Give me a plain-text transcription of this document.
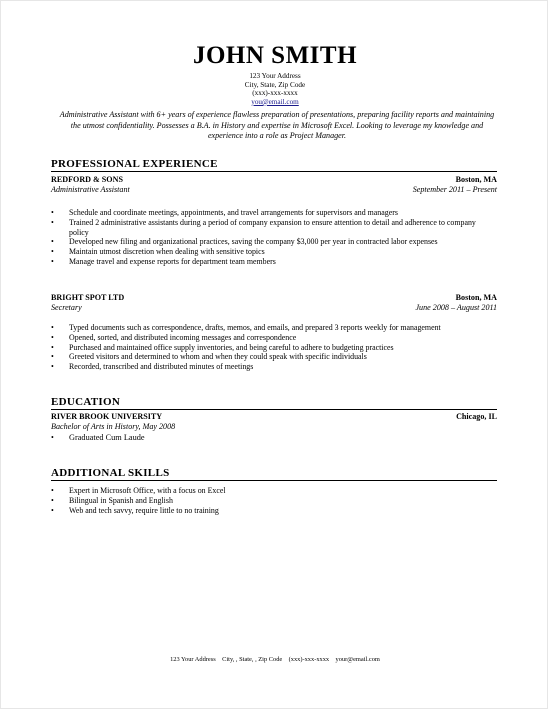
JOHN SMITH
123 Your Address
City, State, Zip Code
(xxx)-xxx-xxxx
you@email.com
Administrative Assistant with 6+ years of experience flawless preparation of presentations, preparing facility reports and maintaining the utmost confidentiality. Possesses a B.A. in History and expertise in Microsoft Excel. Looking to leverage my knowledge and experience into a role as Project Manager.
PROFESSIONAL EXPERIENCE
REDFORD & SONS	Boston, MA
Administrative Assistant	September 2011 – Present
• Schedule and coordinate meetings, appointments, and travel arrangements for supervisors and managers
• Trained 2 administrative assistants during a period of company expansion to ensure attention to detail and adherence to company policy
• Developed new filing and organizational practices, saving the company $3,000 per year in contracted labor expenses
• Maintain utmost discretion when dealing with sensitive topics
• Manage travel and expense reports for department team members
BRIGHT SPOT LTD	Boston, MA
Secretary	June 2008 – August 2011
• Typed documents such as correspondence, drafts, memos, and emails, and prepared 3 reports weekly for management
• Opened, sorted, and distributed incoming messages and correspondence
• Purchased and maintained office supply inventories, and being careful to adhere to budgeting practices
• Greeted visitors and determined to whom and when they could speak with specific individuals
• Recorded, transcribed and distributed minutes of meetings
EDUCATION
RIVER BROOK UNIVERSITY	Chicago, IL
Bachelor of Arts in History, May 2008
• Graduated Cum Laude
ADDITIONAL SKILLS
• Expert in Microsoft Office, with a focus on Excel
• Bilingual in Spanish and English
• Web and tech savvy, require little to no training
123 Your Address City, , State, , Zip Code (xxx)-xxx-xxxx your@email.com
